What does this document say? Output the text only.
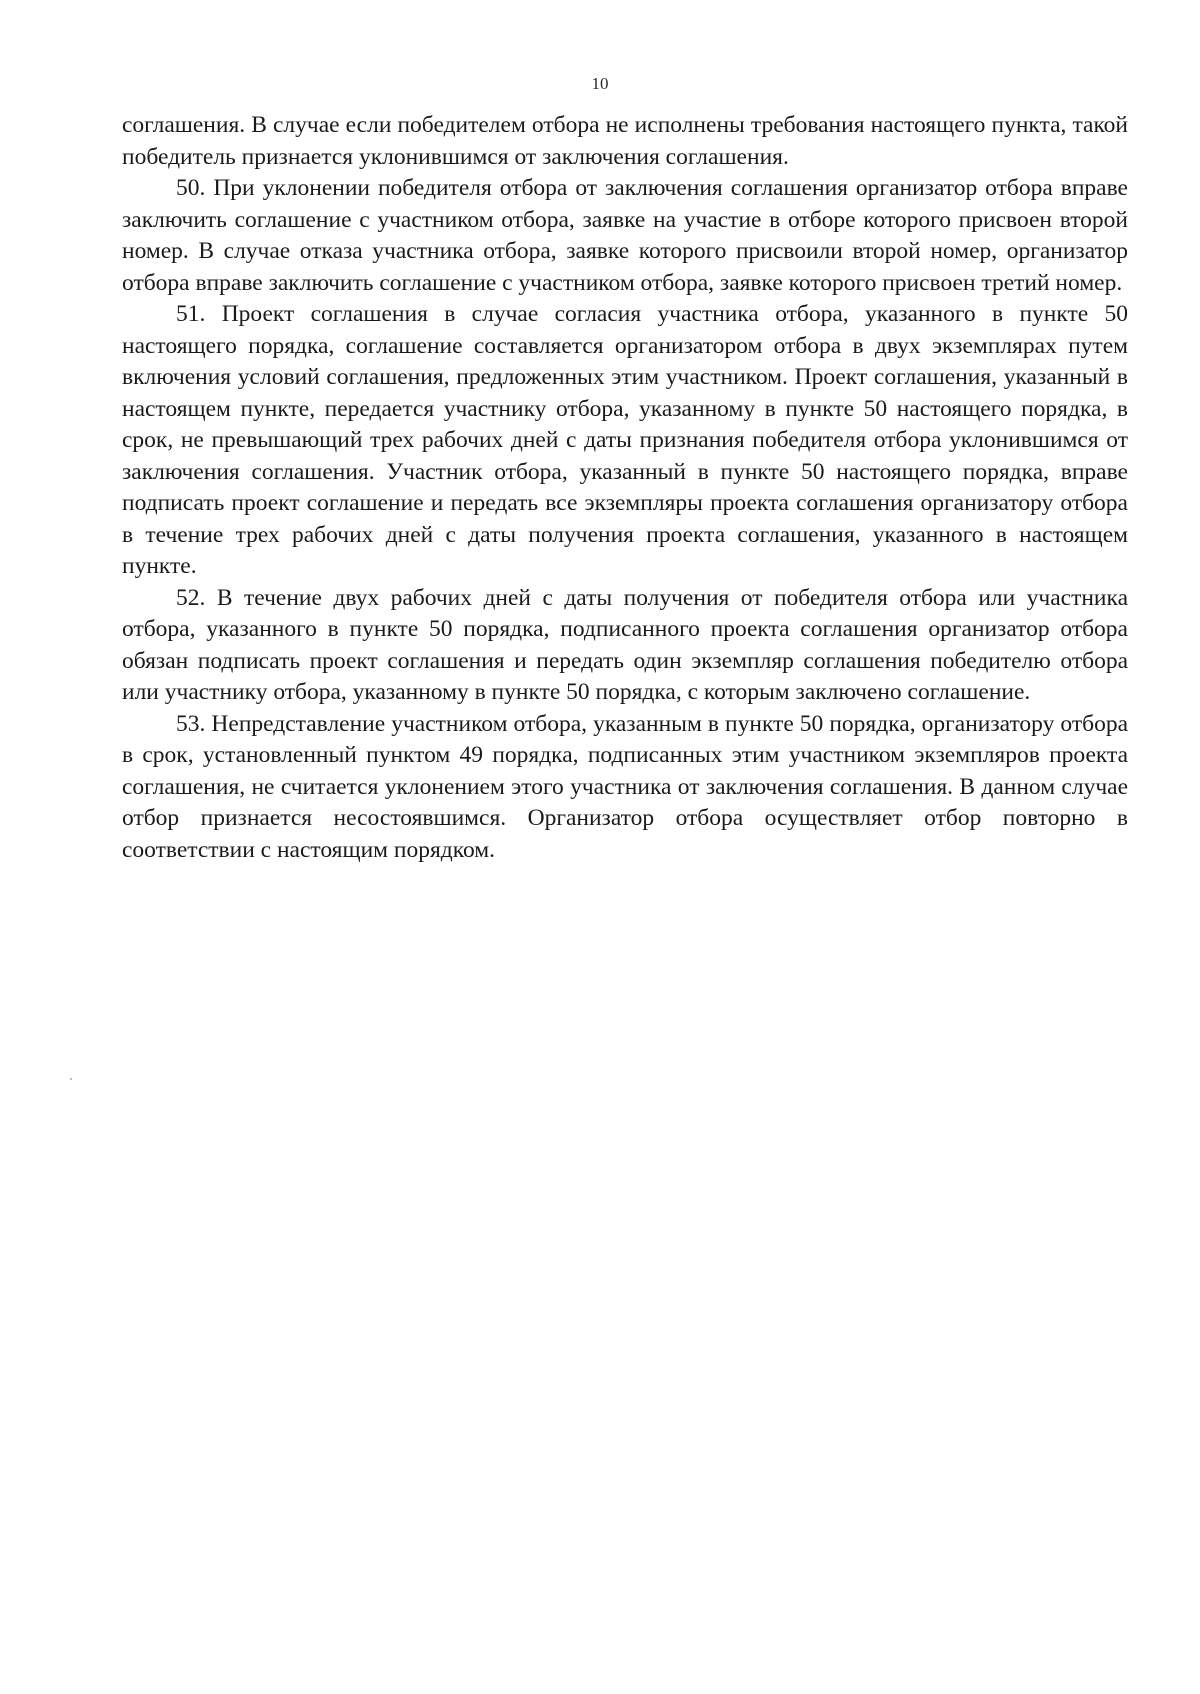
10

соглашения. В случае если победителем отбора не исполнены требования настоящего пункта, такой победитель признается уклонившимся от заключения соглашения.

50. При уклонении победителя отбора от заключения соглашения организатор отбора вправе заключить соглашение с участником отбора, заявке на участие в отборе которого присвоен второй номер. В случае отказа участника отбора, заявке которого присвоили второй номер, организатор отбора вправе заключить соглашение с участником отбора, заявке которого присвоен третий номер.

51. Проект соглашения в случае согласия участника отбора, указанного в пункте 50 настоящего порядка, соглашение составляется организатором отбора в двух экземплярах путем включения условий соглашения, предложенных этим участником. Проект соглашения, указанный в настоящем пункте, передается участнику отбора, указанному в пункте 50 настоящего порядка, в срок, не превышающий трех рабочих дней с даты признания победителя отбора уклонившимся от заключения соглашения. Участник отбора, указанный в пункте 50 настоящего порядка, вправе подписать проект соглашение и передать все экземпляры проекта соглашения организатору отбора в течение трех рабочих дней с даты получения проекта соглашения, указанного в настоящем пункте.

52. В течение двух рабочих дней с даты получения от победителя отбора или участника отбора, указанного в пункте 50 порядка, подписанного проекта соглашения организатор отбора обязан подписать проект соглашения и передать один экземпляр соглашения победителю отбора или участнику отбора, указанному в пункте 50 порядка, с которым заключено соглашение.

53. Непредставление участником отбора, указанным в пункте 50 порядка, организатору отбора в срок, установленный пунктом 49 порядка, подписанных этим участником экземпляров проекта соглашения, не считается уклонением этого участника от заключения соглашения. В данном случае отбор признается несостоявшимся. Организатор отбора осуществляет отбор повторно в соответствии с настоящим порядком.
